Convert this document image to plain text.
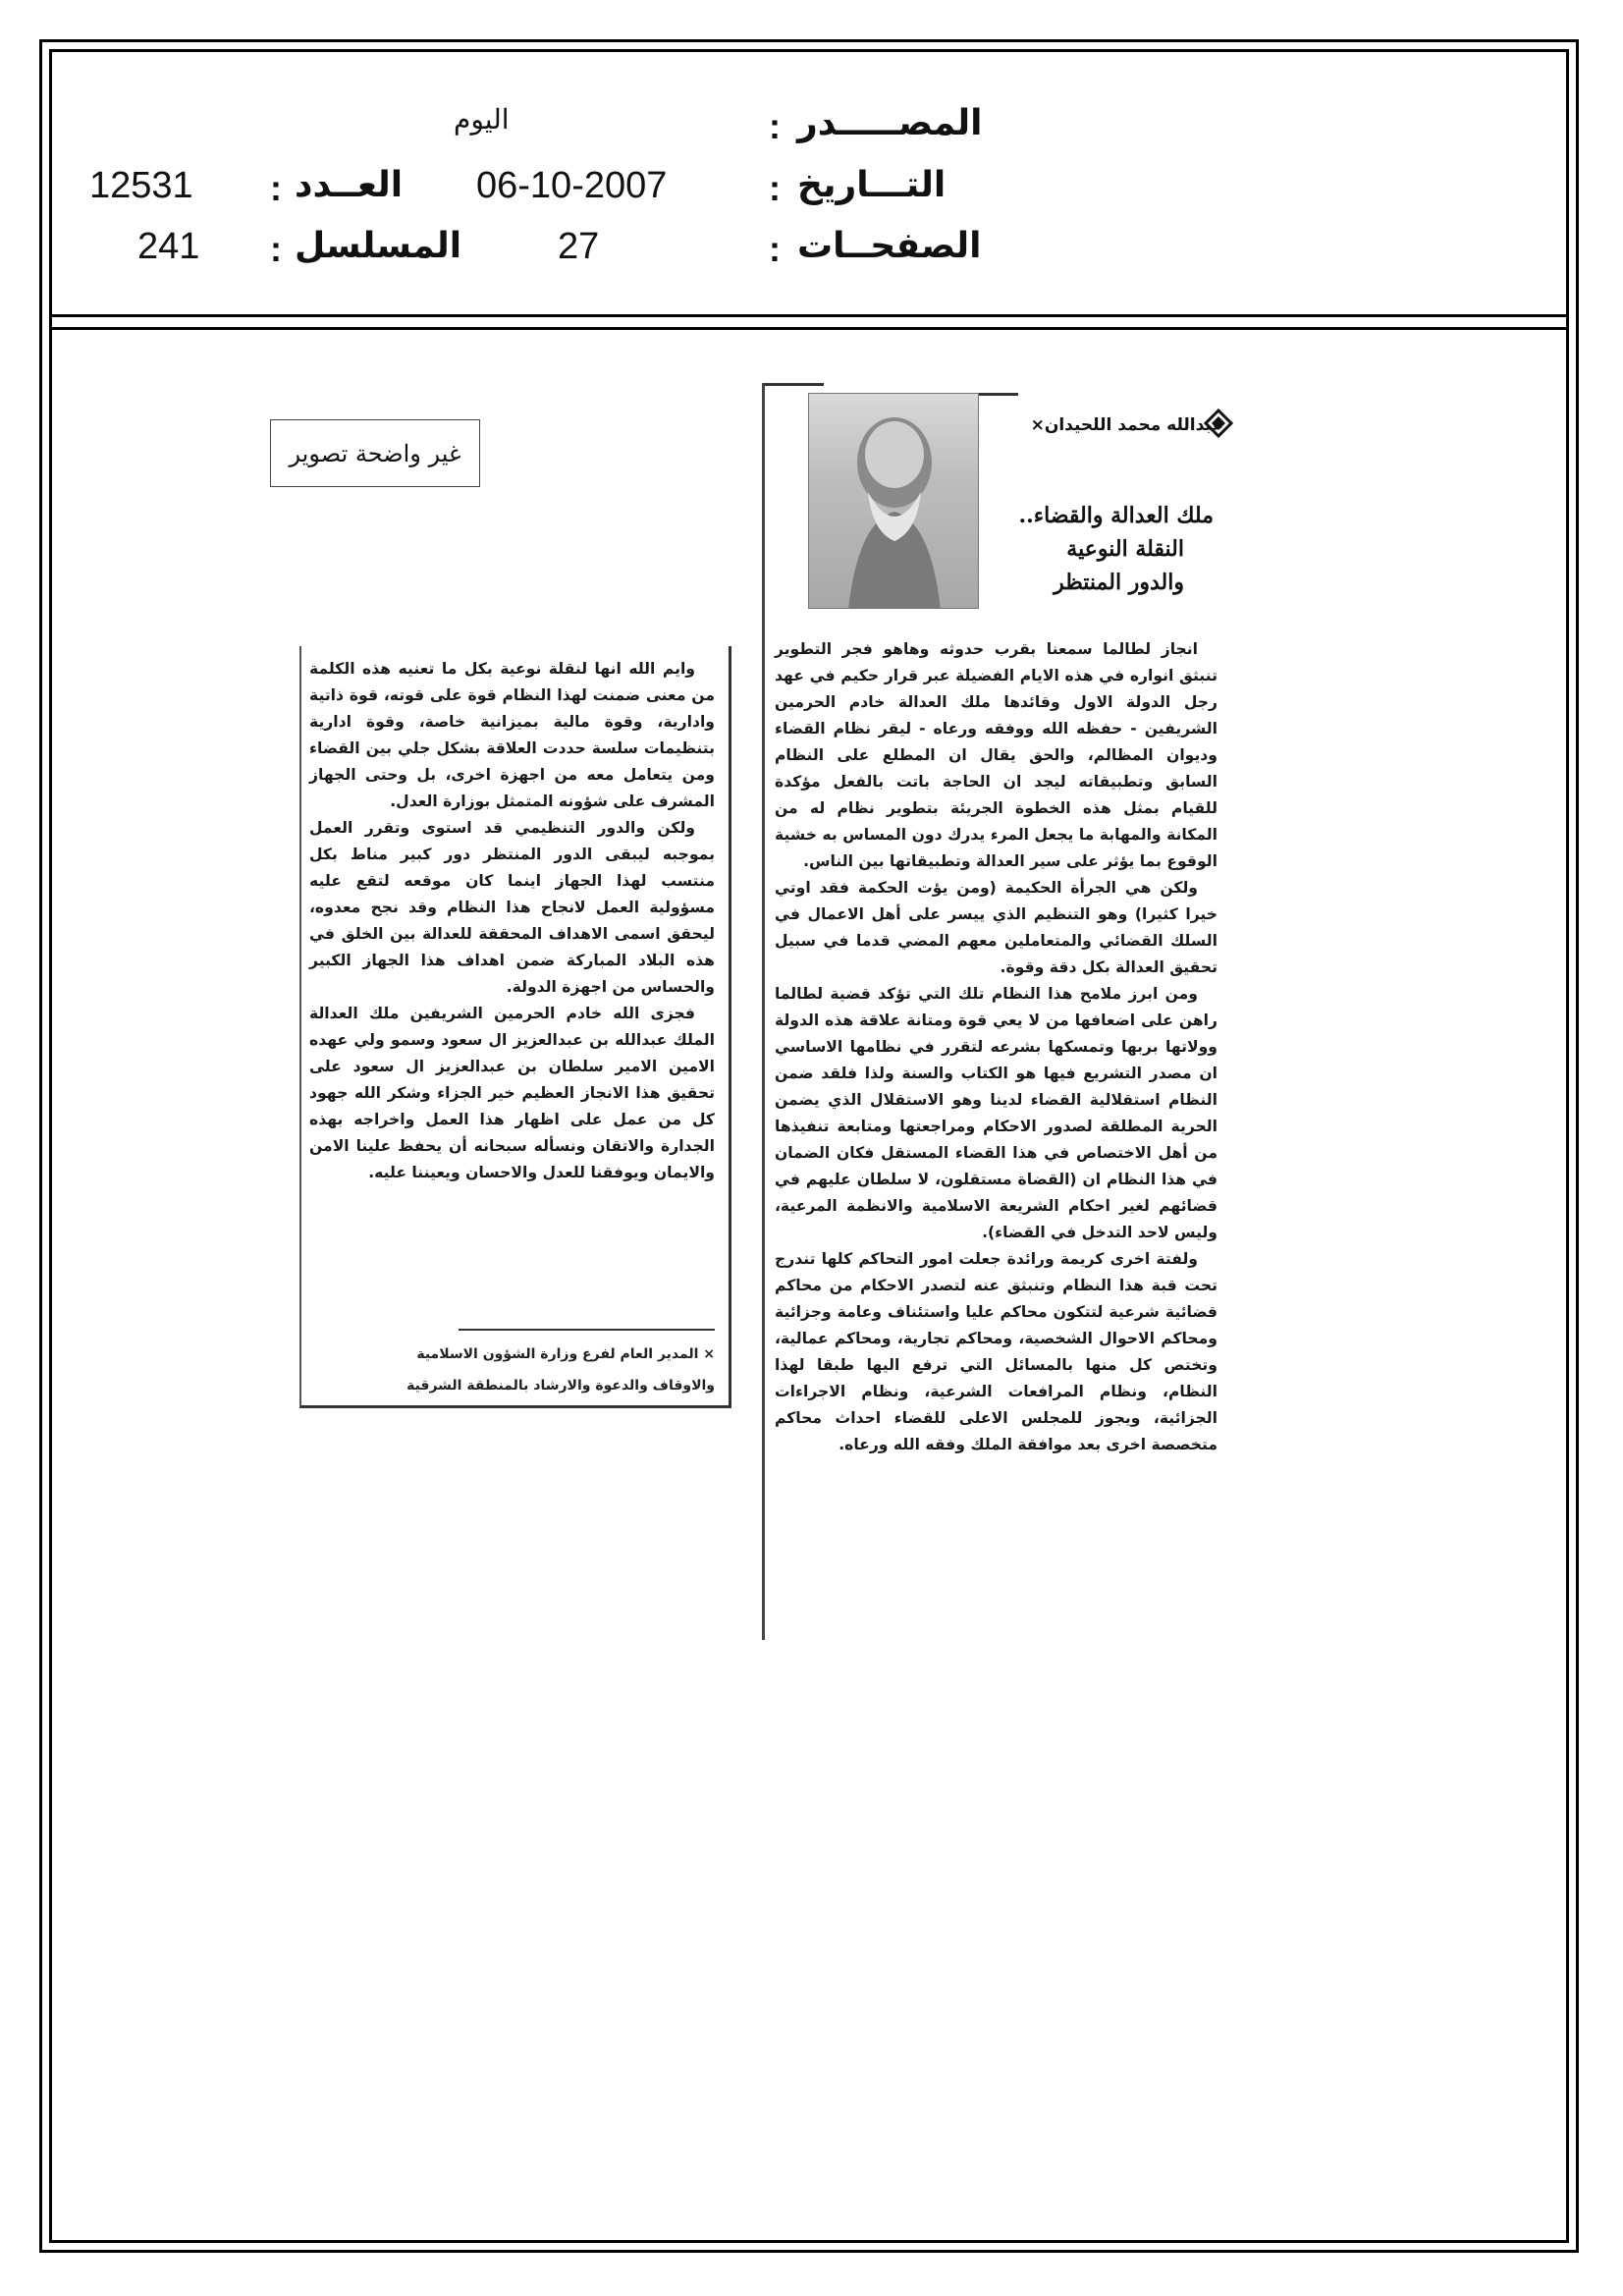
المصـــــدر
:
اليوم
التـــاريخ
:
06-10-2007
العــدد
:
12531
الصفحــات
:
27
المسلسل
:
241
غير واضحة تصوير
عبدالله محمد اللحيدان×
ملك العدالة والقضاء..
النقلة النوعية
والدور المنتظر

انجاز لطالما سمعنا بقرب حدوثه وهاهو فجر التطوير تنبثق انواره في هذه الايام الفضيلة عبر قرار حكيم في عهد رجل الدولة الاول وقائدها ملك العدالة خادم الحرمين الشريفين - حفظه الله ووفقه ورعاه - ليقر نظام القضاء وديوان المظالم، والحق يقال ان المطلع على النظام السابق وتطبيقاته ليجد ان الحاجة باتت بالفعل مؤكدة للقيام بمثل هذه الخطوة الجريئة بتطوير نظام له من المكانة والمهابة ما يجعل المرء يدرك دون المساس به خشية الوقوع بما يؤثر على سير العدالة وتطبيقاتها بين الناس.

ولكن هي الجرأة الحكيمة (ومن يؤت الحكمة فقد اوتي خيرا كثيرا) وهو التنظيم الذي ييسر على أهل الاعمال في السلك القضائي والمتعاملين معهم المضي قدما في سبيل تحقيق العدالة بكل دقة وقوة.

ومن ابرز ملامح هذا النظام تلك التي تؤكد قضية لطالما راهن على اضعافها من لا يعي قوة ومتانة علاقة هذه الدولة وولاتها بربها وتمسكها بشرعه لتقرر في نظامها الاساسي ان مصدر التشريع فيها هو الكتاب والسنة ولذا فلقد ضمن النظام استقلالية القضاء لدينا وهو الاستقلال الذي يضمن الحرية المطلقة لصدور الاحكام ومراجعتها ومتابعة تنفيذها من أهل الاختصاص في هذا القضاء المستقل فكان الضمان في هذا النظام ان (القضاة مستقلون، لا سلطان عليهم في قضائهم لغير احكام الشريعة الاسلامية والانظمة المرعية، وليس لاحد التدخل في القضاء).

ولفتة اخرى كريمة ورائدة جعلت امور التحاكم كلها تندرج تحت قبة هذا النظام وتنبثق عنه لتصدر الاحكام من محاكم قضائية شرعية لتتكون محاكم عليا واستئناف وعامة وجزائية ومحاكم الاحوال الشخصية، ومحاكم تجارية، ومحاكم عمالية، وتختص كل منها بالمسائل التي ترفع اليها طبقا لهذا النظام، ونظام المرافعات الشرعية، ونظام الاجراءات الجزائية، ويجوز للمجلس الاعلى للقضاء احداث محاكم متخصصة اخرى بعد موافقة الملك وفقه الله ورعاه.

وايم الله انها لنقلة نوعية بكل ما تعنيه هذه الكلمة من معنى ضمنت لهذا النظام قوة على قوته، قوة ذاتية وادارية، وقوة مالية بميزانية خاصة، وقوة ادارية بتنظيمات سلسة حددت العلاقة بشكل جلي بين القضاء ومن يتعامل معه من اجهزة اخرى، بل وحتى الجهاز المشرف على شؤونه المتمثل بوزارة العدل.

ولكن والدور التنظيمي قد استوى وتقرر العمل بموجبه ليبقى الدور المنتظر دور كبير مناط بكل منتسب لهذا الجهاز اينما كان موقعه لتقع عليه مسؤولية العمل لانجاح هذا النظام وقد نجح معدوه، ليحقق اسمى الاهداف المحققة للعدالة بين الخلق في هذه البلاد المباركة ضمن اهداف هذا الجهاز الكبير والحساس من اجهزة الدولة.

فجزى الله خادم الحرمين الشريفين ملك العدالة الملك عبدالله بن عبدالعزيز ال سعود وسمو ولي عهده الامين الامير سلطان بن عبدالعزيز ال سعود على تحقيق هذا الانجاز العظيم خير الجزاء وشكر الله جهود كل من عمل على اظهار هذا العمل واخراجه بهذه الجدارة والاتقان ونسأله سبحانه أن يحفظ علينا الامن والايمان ويوفقنا للعدل والاحسان ويعيننا عليه.

× المدير العام لفرع وزارة الشؤون الاسلامية
والاوقاف والدعوة والارشاد بالمنطقة الشرقية
